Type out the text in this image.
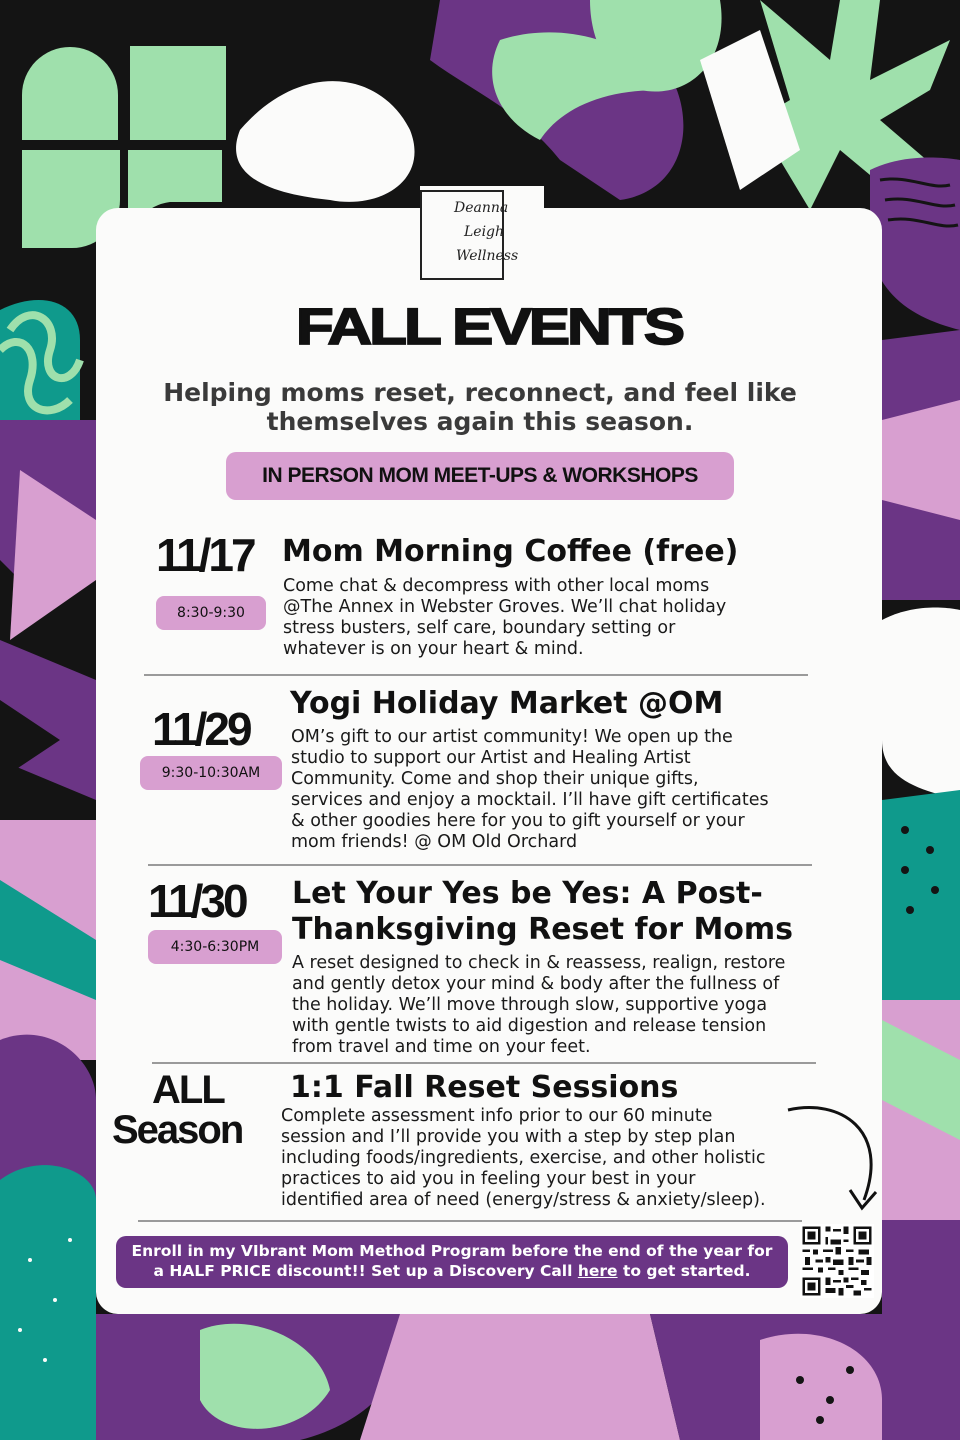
Deanna
Leigh
Wellness
FALL EVENTS
Helping moms reset, reconnect, and feel like themselves again this season.
IN PERSON MOM MEET-UPS & WORKSHOPS
11/17
8:30-9:30
Mom Morning Coffee (free)
Come chat & decompress with other local moms
@The Annex in Webster Groves. We’ll chat holiday
stress busters, self care, boundary setting or
whatever is on your heart & mind.
11/29
9:30-10:30AM
Yogi Holiday Market @OM
OM’s gift to our artist community! We open up the
studio to support our Artist and Healing Artist
Community. Come and shop their unique gifts,
services and enjoy a mocktail. I’ll have gift certificates
& other goodies here for you to gift yourself or your
mom friends! @ OM Old Orchard
11/30
4:30-6:30PM
Let Your Yes be Yes: A Post-
Thanksgiving Reset for Moms
A reset designed to check in & reassess, realign, restore
and gently detox your mind & body after the fullness of
the holiday. We’ll move through slow, supportive yoga
with gentle twists to aid digestion and release tension
from travel and time on your feet.
ALL
Season
1:1 Fall Reset Sessions
Complete assessment info prior to our 60 minute
session and I’ll provide you with a step by step plan
including foods/ingredients, exercise, and other holistic
practices to aid you in feeling your best in your
identified area of need (energy/stress & anxiety/sleep).
Enroll in my VIbrant Mom Method Program before the end of the year for
a HALF PRICE discount!! Set up a Discovery Call here to get started.
